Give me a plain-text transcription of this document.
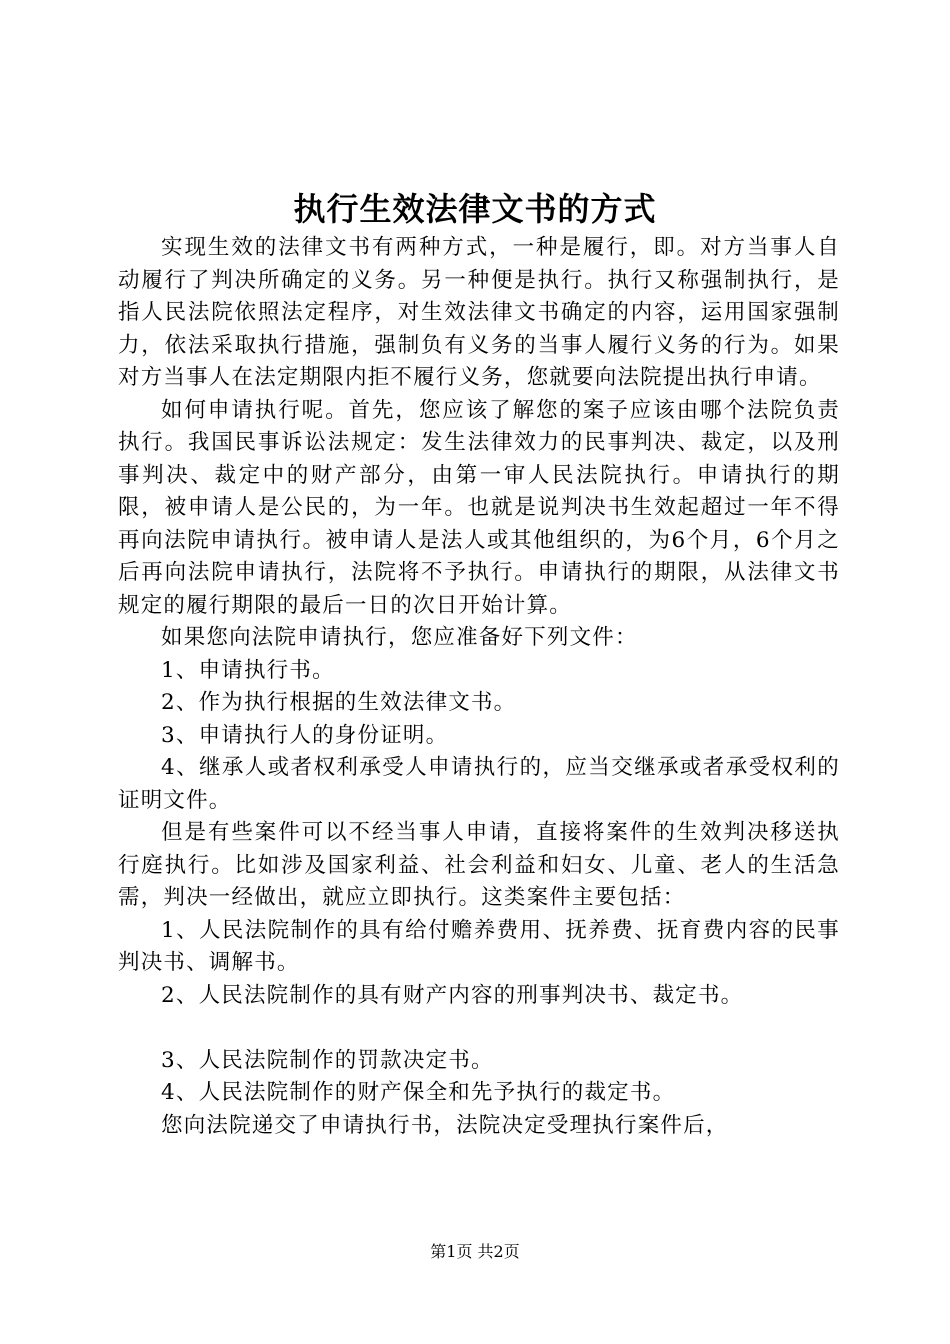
执行生效法律文书的方式

实现生效的法律文书有两种方式，一种是履行，即。对方当事人自动履行了判决所确定的义务。另一种便是执行。执行又称强制执行，是指人民法院依照法定程序，对生效法律文书确定的内容，运用国家强制力，依法采取执行措施，强制负有义务的当事人履行义务的行为。如果对方当事人在法定期限内拒不履行义务，您就要向法院提出执行申请。

如何申请执行呢。首先，您应该了解您的案子应该由哪个法院负责执行。我国民事诉讼法规定：发生法律效力的民事判决、裁定，以及刑事判决、裁定中的财产部分，由第一审人民法院执行。申请执行的期限，被申请人是公民的，为一年。也就是说判决书生效起超过一年不得再向法院申请执行。被申请人是法人或其他组织的，为6个月，6个月之后再向法院申请执行，法院将不予执行。申请执行的期限，从法律文书规定的履行期限的最后一日的次日开始计算。

如果您向法院申请执行，您应准备好下列文件：

1、申请执行书。

2、作为执行根据的生效法律文书。

3、申请执行人的身份证明。

4、继承人或者权利承受人申请执行的，应当交继承或者承受权利的证明文件。

但是有些案件可以不经当事人申请，直接将案件的生效判决移送执行庭执行。比如涉及国家利益、社会利益和妇女、儿童、老人的生活急需，判决一经做出，就应立即执行。这类案件主要包括：

1、人民法院制作的具有给付赡养费用、抚养费、抚育费内容的民事判决书、调解书。

2、人民法院制作的具有财产内容的刑事判决书、裁定书。

3、人民法院制作的罚款决定书。

4、人民法院制作的财产保全和先予执行的裁定书。

您向法院递交了申请执行书，法院决定受理执行案件后，

第1页 共2页
